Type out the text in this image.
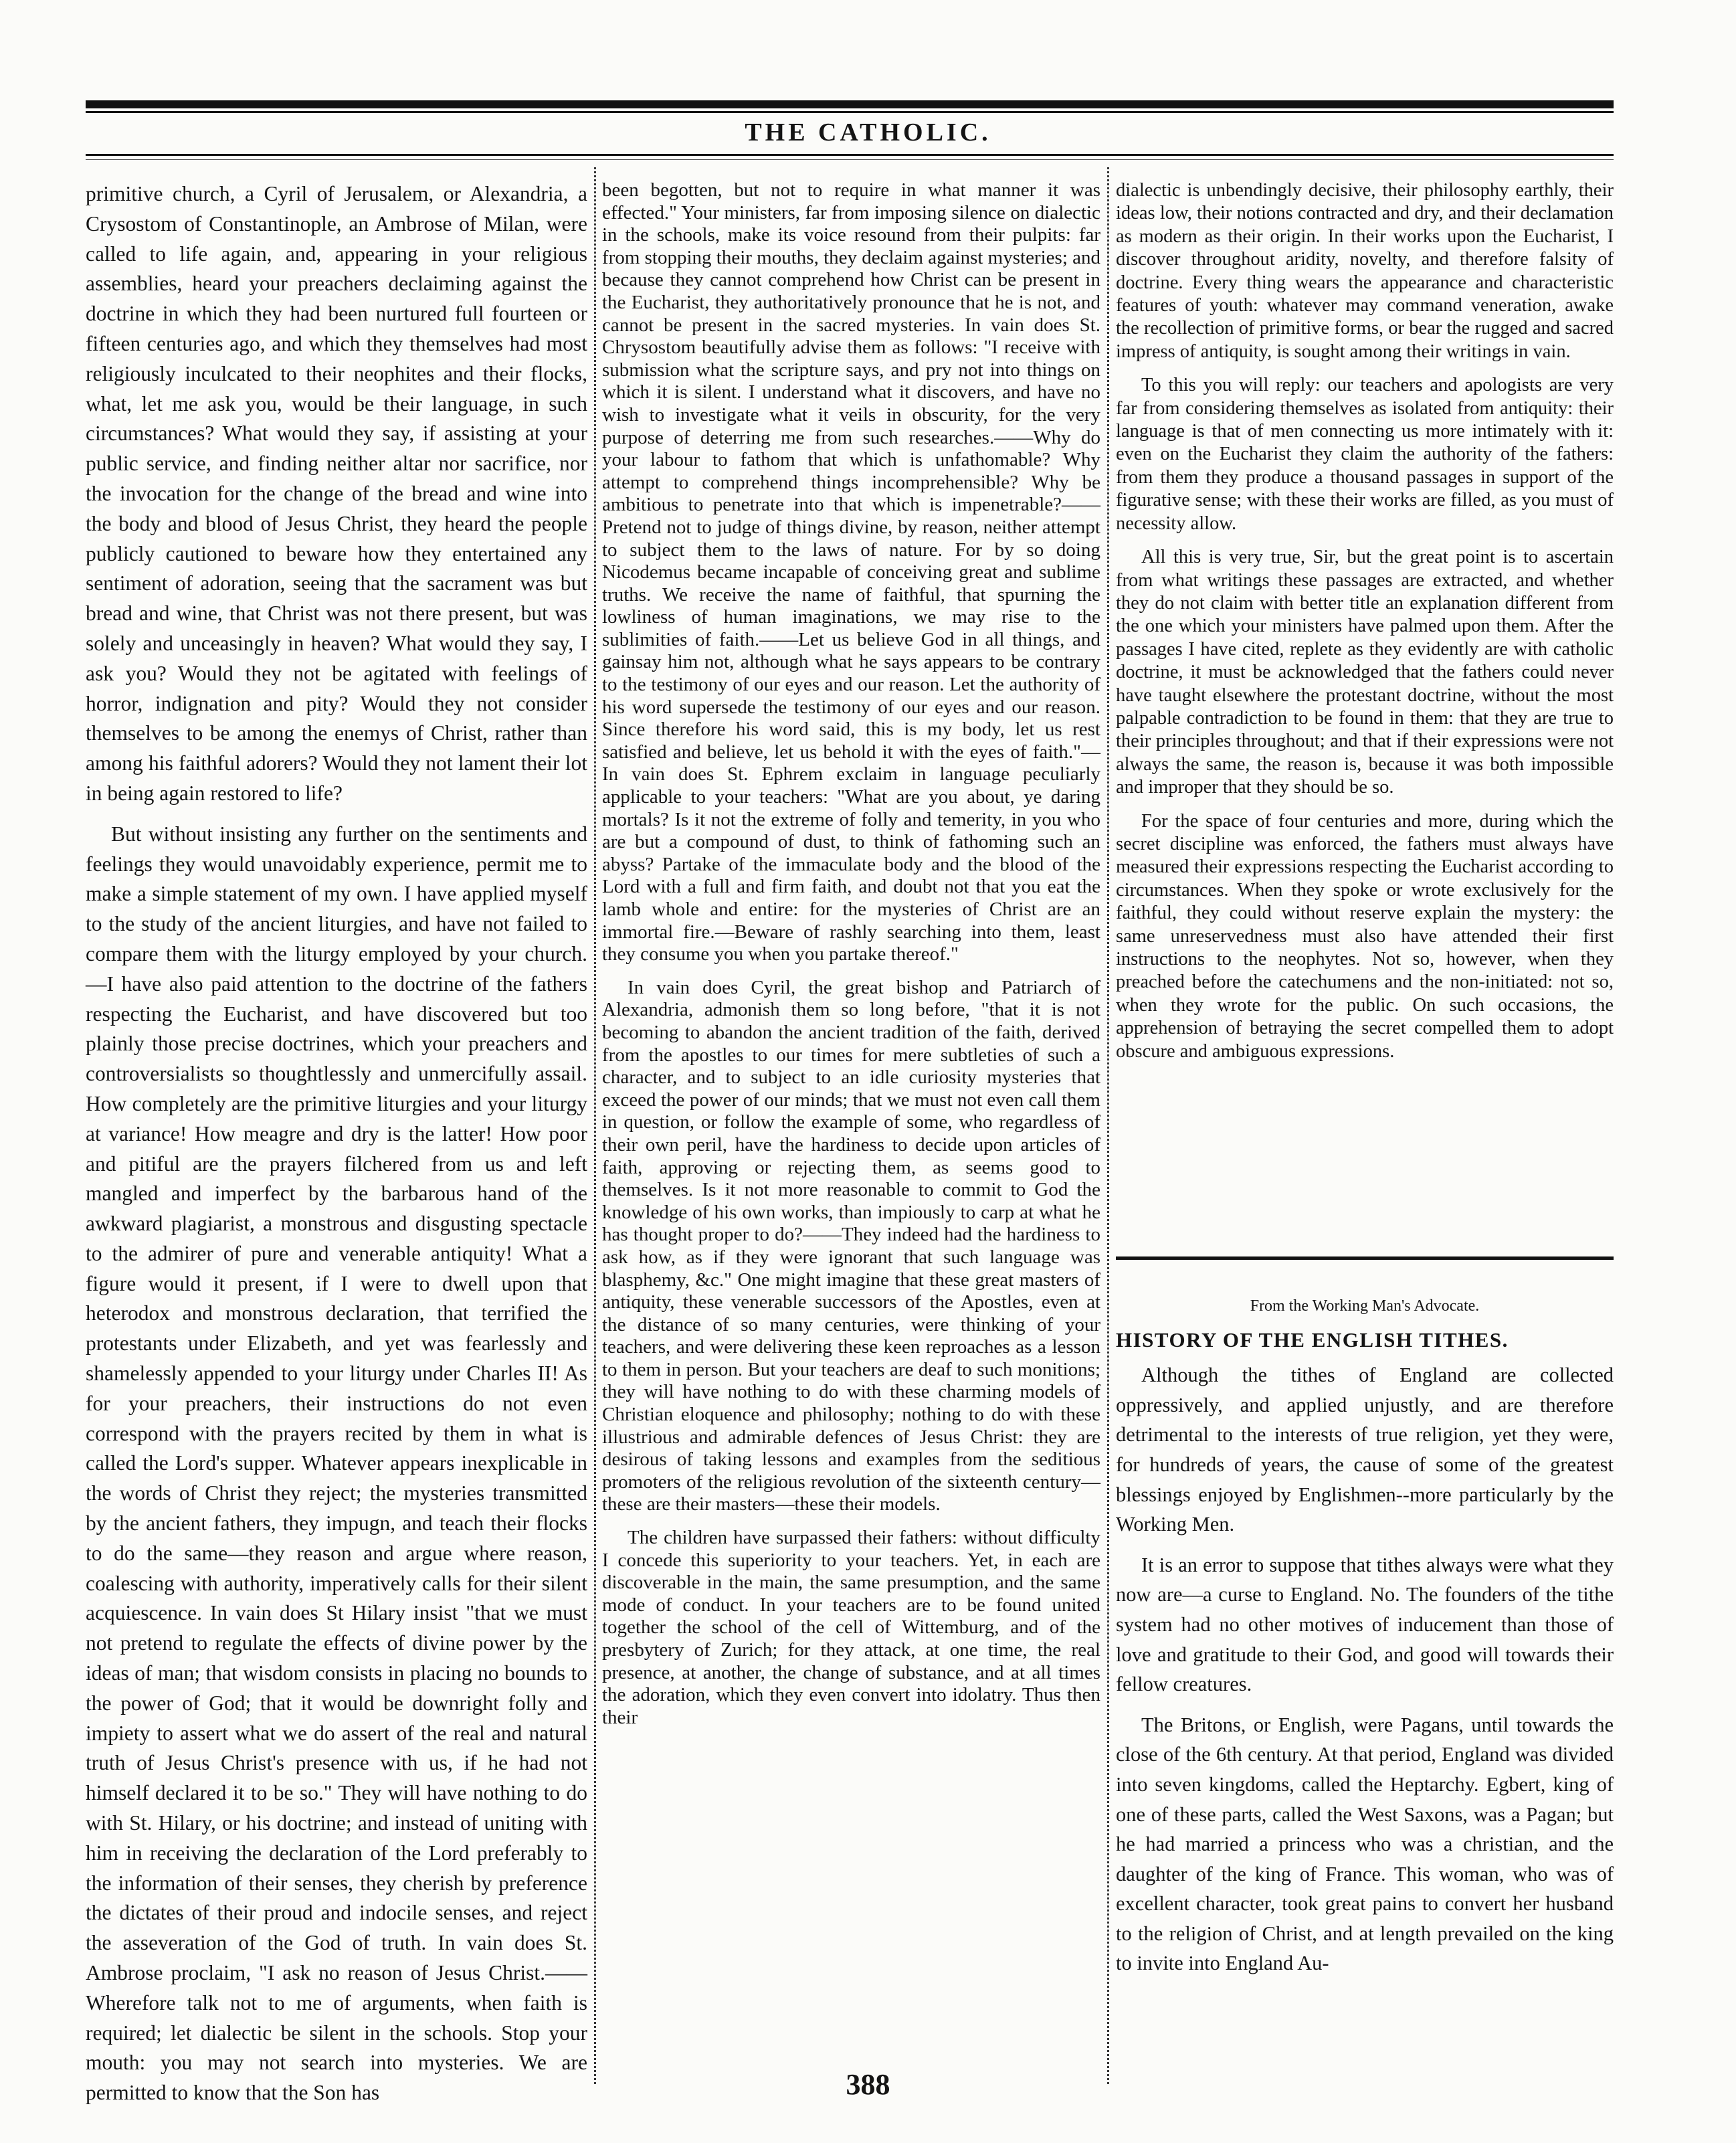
THE CATHOLIC.

primitive church, a Cyril of Jerusalem, or Alexandria, a Crysostom of Constantinople, an Ambrose of Milan, were called to life again, and, appearing in your religious assemblies, heard your preachers declaiming against the doctrine in which they had been nurtured full fourteen or fifteen centuries ago, and which they themselves had most religiously inculcated to their neophites and their flocks, what, let me ask you, would be their language, in such circumstances? What would they say, if assisting at your public service, and finding neither altar nor sacrifice, nor the invocation for the change of the bread and wine into the body and blood of Jesus Christ, they heard the people publicly cautioned to beware how they entertained any sentiment of adoration, seeing that the sacrament was but bread and wine, that Christ was not there present, but was solely and unceasingly in heaven? What would they say, I ask you? Would they not be agitated with feelings of horror, indignation and pity? Would they not consider themselves to be among the enemys of Christ, rather than among his faithful adorers? Would they not lament their lot in being again restored to life?

But without insisting any further on the sentiments and feelings they would unavoidably experience, permit me to make a simple statement of my own. I have applied myself to the study of the ancient liturgies, and have not failed to compare them with the liturgy employed by your church.—I have also paid attention to the doctrine of the fathers respecting the Eucharist, and have discovered but too plainly those precise doctrines, which your preachers and controversialists so thoughtlessly and unmercifully assail. How completely are the primitive liturgies and your liturgy at variance! How meagre and dry is the latter! How poor and pitiful are the prayers filchered from us and left mangled and imperfect by the barbarous hand of the awkward plagiarist, a monstrous and disgusting spectacle to the admirer of pure and venerable antiquity! What a figure would it present, if I were to dwell upon that heterodox and monstrous declaration, that terrified the protestants under Elizabeth, and yet was fearlessly and shamelessly appended to your liturgy under Charles II! As for your preachers, their instructions do not even correspond with the prayers recited by them in what is called the Lord's supper. Whatever appears inexplicable in the words of Christ they reject; the mysteries transmitted by the ancient fathers, they impugn, and teach their flocks to do the same—they reason and argue where reason, coalescing with authority, imperatively calls for their silent acquiescence. In vain does St Hilary insist "that we must not pretend to regulate the effects of divine power by the ideas of man; that wisdom consists in placing no bounds to the power of God; that it would be downright folly and impiety to assert what we do assert of the real and natural truth of Jesus Christ's presence with us, if he had not himself declared it to be so." They will have nothing to do with St. Hilary, or his doctrine; and instead of uniting with him in receiving the declaration of the Lord preferably to the information of their senses, they cherish by preference the dictates of their proud and indocile senses, and reject the asseveration of the God of truth. In vain does St. Ambrose proclaim, "I ask no reason of Jesus Christ.——Wherefore talk not to me of arguments, when faith is required; let dialectic be silent in the schools. Stop your mouth: you may not search into mysteries. We are permitted to know that the Son has

been begotten, but not to require in what manner it was effected." Your ministers, far from imposing silence on dialectic in the schools, make its voice resound from their pulpits: far from stopping their mouths, they declaim against mysteries; and because they cannot comprehend how Christ can be present in the Eucharist, they authoritatively pronounce that he is not, and cannot be present in the sacred mysteries. In vain does St. Chrysostom beautifully advise them as follows: "I receive with submission what the scripture says, and pry not into things on which it is silent. I understand what it discovers, and have no wish to investigate what it veils in obscurity, for the very purpose of deterring me from such researches.——Why do your labour to fathom that which is unfathomable? Why attempt to comprehend things incomprehensible? Why be ambitious to penetrate into that which is impenetrable?——Pretend not to judge of things divine, by reason, neither attempt to subject them to the laws of nature. For by so doing Nicodemus became incapable of conceiving great and sublime truths. We receive the name of faithful, that spurning the lowliness of human imaginations, we may rise to the sublimities of faith.——Let us believe God in all things, and gainsay him not, although what he says appears to be contrary to the testimony of our eyes and our reason. Let the authority of his word supersede the testimony of our eyes and our reason. Since therefore his word said, this is my body, let us rest satisfied and believe, let us behold it with the eyes of faith."—In vain does St. Ephrem exclaim in language peculiarly applicable to your teachers: "What are you about, ye daring mortals? Is it not the extreme of folly and temerity, in you who are but a compound of dust, to think of fathoming such an abyss? Partake of the immaculate body and the blood of the Lord with a full and firm faith, and doubt not that you eat the lamb whole and entire: for the mysteries of Christ are an immortal fire.—Beware of rashly searching into them, least they consume you when you partake thereof."

In vain does Cyril, the great bishop and Patriarch of Alexandria, admonish them so long before, "that it is not becoming to abandon the ancient tradition of the faith, derived from the apostles to our times for mere subtleties of such a character, and to subject to an idle curiosity mysteries that exceed the power of our minds; that we must not even call them in question, or follow the example of some, who regardless of their own peril, have the hardiness to decide upon articles of faith, approving or rejecting them, as seems good to themselves. Is it not more reasonable to commit to God the knowledge of his own works, than impiously to carp at what he has thought proper to do?——They indeed had the hardiness to ask how, as if they were ignorant that such language was blasphemy, &c." One might imagine that these great masters of antiquity, these venerable successors of the Apostles, even at the distance of so many centuries, were thinking of your teachers, and were delivering these keen reproaches as a lesson to them in person. But your teachers are deaf to such monitions; they will have nothing to do with these charming models of Christian eloquence and philosophy; nothing to do with these illustrious and admirable defences of Jesus Christ: they are desirous of taking lessons and examples from the seditious promoters of the religious revolution of the sixteenth century—these are their masters—these their models.

The children have surpassed their fathers: without difficulty I concede this superiority to your teachers. Yet, in each are discoverable in the main, the same presumption, and the same mode of conduct. In your teachers are to be found united together the school of the cell of Wittemburg, and of the presbytery of Zurich; for they attack, at one time, the real presence, at another, the change of substance, and at all times the adoration, which they even convert into idolatry. Thus then their

dialectic is unbendingly decisive, their philosophy earthly, their ideas low, their notions contracted and dry, and their declamation as modern as their origin. In their works upon the Eucharist, I discover throughout aridity, novelty, and therefore falsity of doctrine. Every thing wears the appearance and characteristic features of youth: whatever may command veneration, awake the recollection of primitive forms, or bear the rugged and sacred impress of antiquity, is sought among their writings in vain.

To this you will reply: our teachers and apologists are very far from considering themselves as isolated from antiquity: their language is that of men connecting us more intimately with it: even on the Eucharist they claim the authority of the fathers: from them they produce a thousand passages in support of the figurative sense; with these their works are filled, as you must of necessity allow.

All this is very true, Sir, but the great point is to ascertain from what writings these passages are extracted, and whether they do not claim with better title an explanation different from the one which your ministers have palmed upon them. After the passages I have cited, replete as they evidently are with catholic doctrine, it must be acknowledged that the fathers could never have taught elsewhere the protestant doctrine, without the most palpable contradiction to be found in them: that they are true to their principles throughout; and that if their expressions were not always the same, the reason is, because it was both impossible and improper that they should be so.

For the space of four centuries and more, during which the secret discipline was enforced, the fathers must always have measured their expressions respecting the Eucharist according to circumstances. When they spoke or wrote exclusively for the faithful, they could without reserve explain the mystery: the same unreservedness must also have attended their first instructions to the neophytes. Not so, however, when they preached before the catechumens and the non-initiated: not so, when they wrote for the public. On such occasions, the apprehension of betraying the secret compelled them to adopt obscure and ambiguous expressions.

From the Working Man's Advocate.
HISTORY OF THE ENGLISH TITHES.

Although the tithes of England are collected oppressively, and applied unjustly, and are therefore detrimental to the interests of true religion, yet they were, for hundreds of years, the cause of some of the greatest blessings enjoyed by Englishmen--more particularly by the Working Men.

It is an error to suppose that tithes always were what they now are—a curse to England. No. The founders of the tithe system had no other motives of inducement than those of love and gratitude to their God, and good will towards their fellow creatures.

The Britons, or English, were Pagans, until towards the close of the 6th century. At that period, England was divided into seven kingdoms, called the Heptarchy. Egbert, king of one of these parts, called the West Saxons, was a Pagan; but he had married a princess who was a christian, and the daughter of the king of France. This woman, who was of excellent character, took great pains to convert her husband to the religion of Christ, and at length prevailed on the king to invite into England Au-

388
